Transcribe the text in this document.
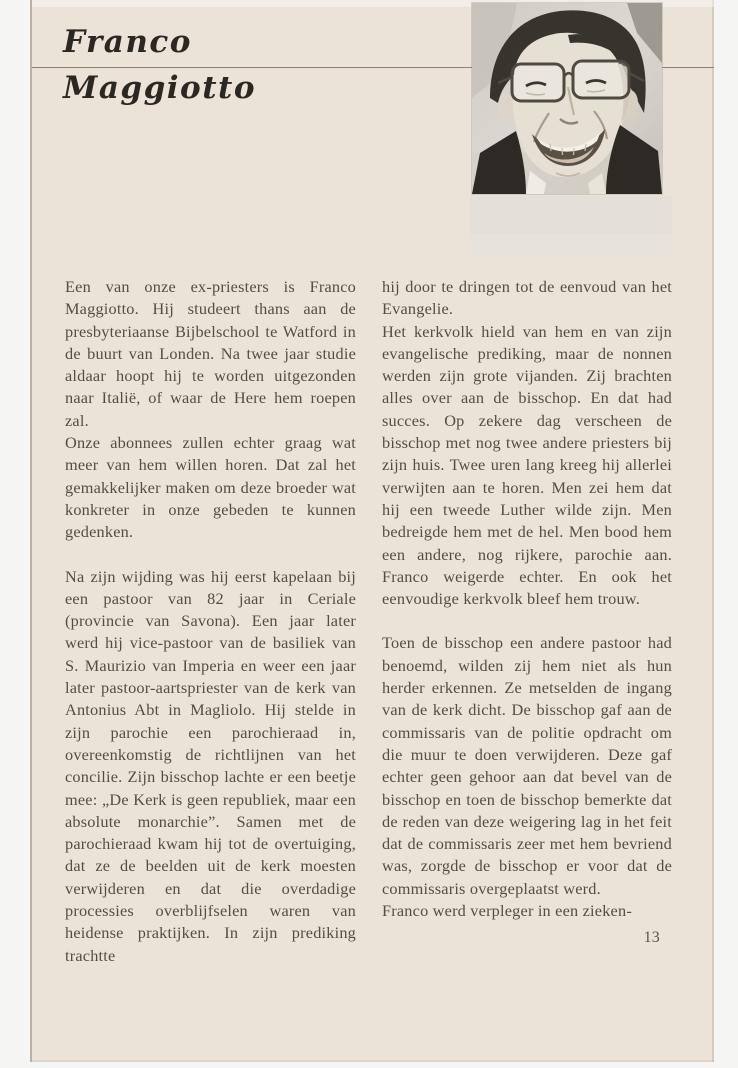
Franco
Maggiotto

Een van onze ex-priesters is Franco Maggiotto. Hij studeert thans aan de presbyteriaanse Bijbelschool te Watford in de buurt van Londen. Na twee jaar studie aldaar hoopt hij te worden uitgezonden naar Italië, of waar de Here hem roepen zal.

Onze abonnees zullen echter graag wat meer van hem willen horen. Dat zal het gemakkelijker maken om deze broeder wat konkreter in onze gebeden te kunnen gedenken.

Na zijn wijding was hij eerst kapelaan bij een pastoor van 82 jaar in Ceriale (provincie van Savona). Een jaar later werd hij vice-pastoor van de basiliek van S. Maurizio van Imperia en weer een jaar later pastoor-aartspriester van de kerk van Antonius Abt in Magliolo. Hij stelde in zijn parochie een parochieraad in, overeenkomstig de richtlijnen van het concilie. Zijn bisschop lachte er een beetje mee: „De Kerk is geen republiek, maar een absolute monarchie”. Samen met de parochieraad kwam hij tot de overtuiging, dat ze de beelden uit de kerk moesten verwijderen en dat die overdadige processies overblijfselen waren van heidense praktijken. In zijn prediking trachtte

hij door te dringen tot de eenvoud van het Evangelie.

Het kerkvolk hield van hem en van zijn evangelische prediking, maar de nonnen werden zijn grote vijanden. Zij brachten alles over aan de bisschop. En dat had succes. Op zekere dag verscheen de bisschop met nog twee andere priesters bij zijn huis. Twee uren lang kreeg hij allerlei verwijten aan te horen. Men zei hem dat hij een tweede Luther wilde zijn. Men bedreigde hem met de hel. Men bood hem een andere, nog rijkere, parochie aan. Franco weigerde echter. En ook het eenvoudige kerkvolk bleef hem trouw.

Toen de bisschop een andere pastoor had benoemd, wilden zij hem niet als hun herder erkennen. Ze metselden de ingang van de kerk dicht. De bisschop gaf aan de commissaris van de politie opdracht om die muur te doen verwijderen. Deze gaf echter geen gehoor aan dat bevel van de bisschop en toen de bisschop bemerkte dat de reden van deze weigering lag in het feit dat de commissaris zeer met hem bevriend was, zorgde de bisschop er voor dat de commissaris overgeplaatst werd.

Franco werd verpleger in een zieken-

13
